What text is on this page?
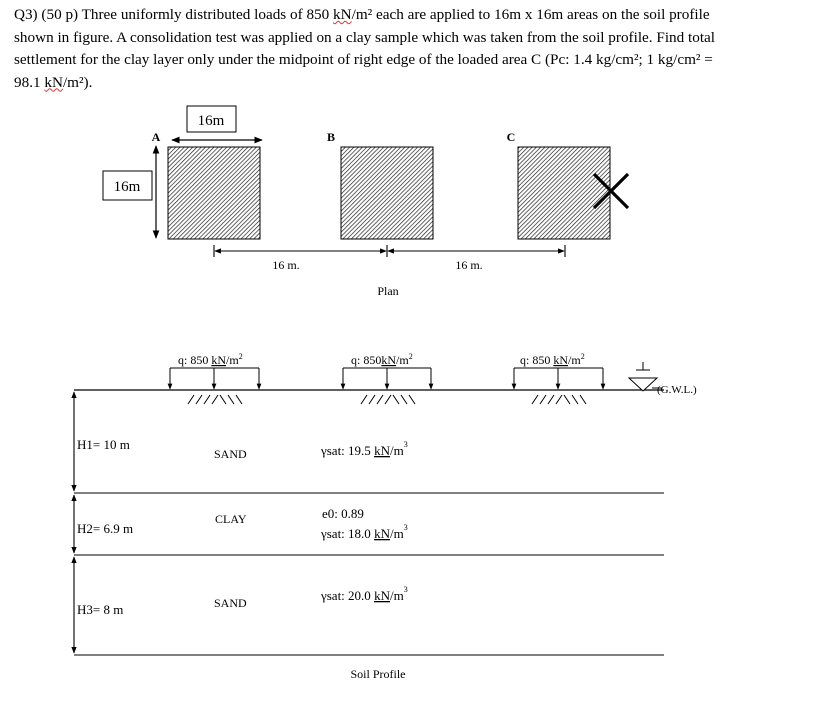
Q3) (50 p) Three uniformly distributed loads of 850 kN/m² each are applied to 16m x 16m areas on the soil profile

shown in figure. A consolidation test was applied on a clay sample which was taken from the soil profile. Find total

settlement for the clay layer only under the midpoint of right edge of the loaded area C (Pc: 1.4 kg/cm²; 1 kg/cm² =

98.1 kN/m²).

16m
16m
A	B	C
16 m.	16 m.
Plan
q: 850 $kN/m^2$	q: $850kN/m^2$	q: 850 $kN/m^2$
(G.W.L.)
H1= 10 m
H2= 6.9 m
H3= 8 m
SAND
CLAY
SAND
γsat: 19.5 $kN/m^3$
e0: 0.89
γsat: 18.0 $kN/m^3$
γsat: 20.0 $kN/m^3$
Soil Profile
